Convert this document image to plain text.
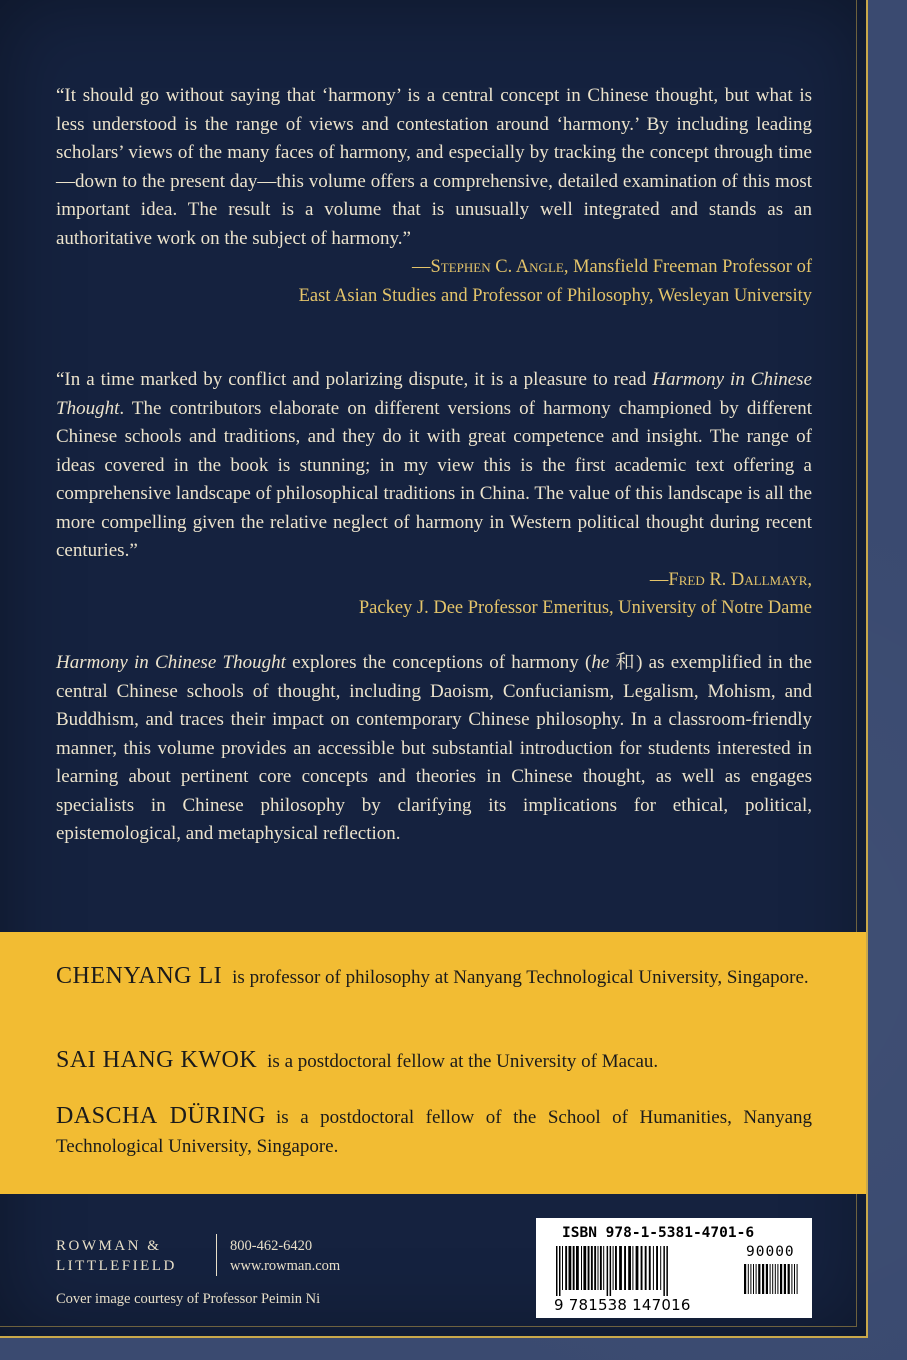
“It should go without saying that ‘harmony’ is a central concept in Chinese thought, but what is less understood is the range of views and contestation around ‘harmony.’ By including leading scholars’ views of the many faces of harmony, and especially by tracking the concept through time—down to the present day—this volume offers a comprehensive, detailed examination of this most important idea. The result is a volume that is unusually well integrated and stands as an authoritative work on the subject of harmony.”
—Stephen C. Angle, Mansfield Freeman Professor of
East Asian Studies and Professor of Philosophy, Wesleyan University
“In a time marked by conflict and polarizing dispute, it is a pleasure to read Harmony in Chinese Thought. The contributors elaborate on different versions of harmony championed by different Chinese schools and traditions, and they do it with great competence and insight. The range of ideas covered in the book is stunning; in my view this is the first academic text offering a comprehensive landscape of philosophical traditions in China. The value of this landscape is all the more compelling given the relative neglect of harmony in Western political thought during recent centuries.”
—Fred R. Dallmayr,
Packey J. Dee Professor Emeritus, University of Notre Dame
Harmony in Chinese Thought explores the conceptions of harmony (he 和) as exemplified in the central Chinese schools of thought, including Daoism, Confucianism, Legalism, Mohism, and Buddhism, and traces their impact on contemporary Chinese philosophy. In a classroom-friendly manner, this volume provides an accessible but substantial introduction for students interested in learning about pertinent core concepts and theories in Chinese thought, as well as engages specialists in Chinese philosophy by clarifying its implications for ethical, political, epistemological, and metaphysical reflection.
CHENYANG LI is professor of philosophy at Nanyang Technological University, Singapore.
SAI HANG KWOK is a postdoctoral fellow at the University of Macau.
DASCHA DÜRING is a postdoctoral fellow of the School of Humanities, Nanyang Technological University, Singapore.
ROWMAN &
LITTLEFIELD
800-462-6420
www.rowman.com
Cover image courtesy of Professor Peimin Ni
ISBN 978-1-5381-4701-6
90000
9 781538 147016
